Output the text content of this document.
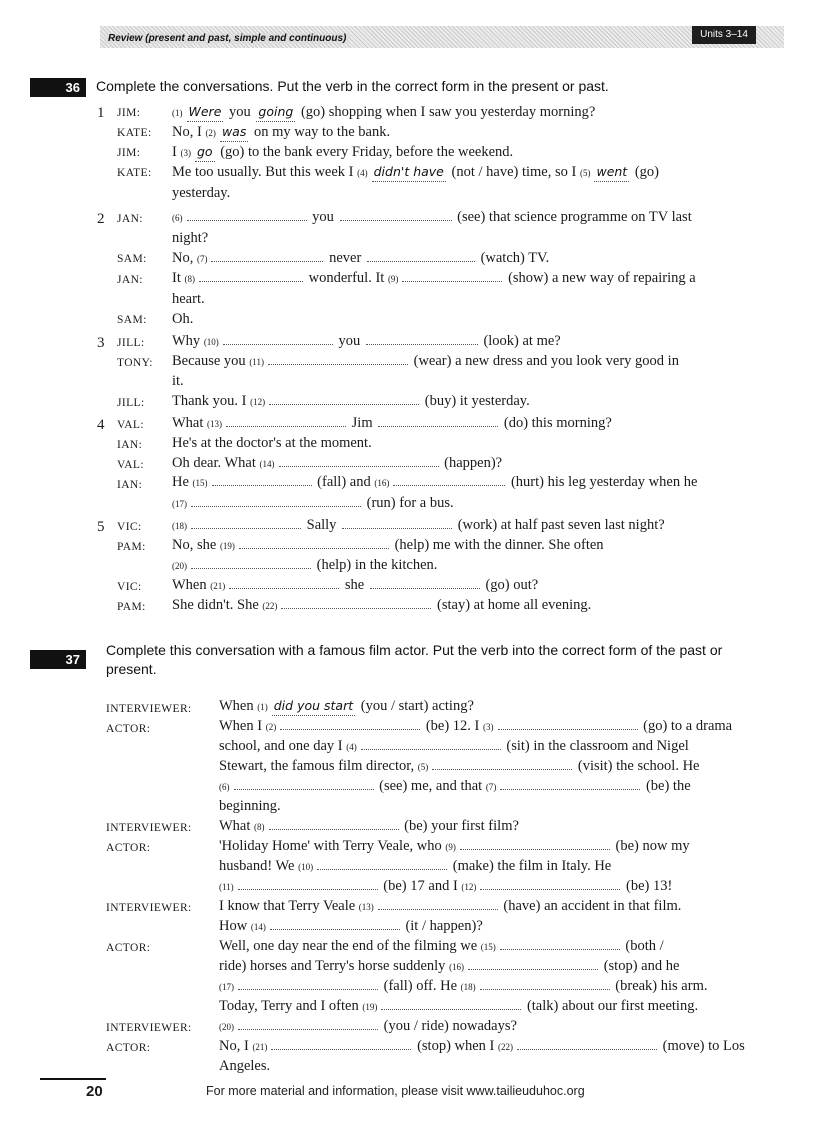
Review (present and past, simple and continuous)	Units 3–14
36	Complete the conversations. Put the verb in the correct form in the present or past.
1 JIM:	(1) Were you going (go) shopping when I saw you yesterday morning?
KATE: No, I (2) was on my way to the bank.
JIM: I (3) go (go) to the bank every Friday, before the weekend.
KATE: Me too usually. But this week I (4) didn't have (not / have) time, so I (5) went (go)
yesterday.
2 JAN:	(6)	you	(see) that science programme on TV last
night?
SAM: No, (7)	never	(watch) TV.
JAN: It (8)	wonderful. It (9)	(show) a new way of repairing a
heart.
SAM: Oh.
3 JILL: Why (10)	you	(look) at me?
TONY: Because you (11)	(wear) a new dress and you look very good in
it.
JILL: Thank you. I (12)	(buy) it yesterday.
4 VAL: What (13)	Jim	(do) this morning?
IAN: He's at the doctor's at the moment.
VAL: Oh dear. What (14)	(happen)?
IAN: He (15)	(fall) and (16)	(hurt) his leg yesterday when he
(17)	(run) for a bus.
5 VIC:	(18)	Sally	(work) at half past seven last night?
PAM: No, she (19)	(help) me with the dinner. She often
(20)	(help) in the kitchen.
VIC: When (21)	she	(go) out?
PAM: She didn't. She (22)	(stay) at home all evening.
37
Complete this conversation with a famous film actor. Put the verb into the correct form of the past or
present.
INTERVIEWER: When (1) did you start (you / start) acting?
ACTOR:	When I (2)	(be) 12. I (3)	(go) to a drama
school, and one day I (4)	(sit) in the classroom and Nigel
Stewart, the famous film director, (5)	(visit) the school. He
(6)	(see) me, and that (7)	(be) the
beginning.
INTERVIEWER: What (8)	(be) your first film?
ACTOR:	'Holiday Home' with Terry Veale, who (9)	(be) now my
husband! We (10)	(make) the film in Italy. He
(11)	(be) 17 and I (12)	(be) 13!
INTERVIEWER: I know that Terry Veale (13)	(have) an accident in that film.
How (14)	(it / happen)?
ACTOR:	Well, one day near the end of the filming we (15)	(both /
ride) horses and Terry's horse suddenly (16)	(stop) and he
(17)	(fall) off. He (18)	(break) his arm.
Today, Terry and I often (19)	(talk) about our first meeting.
INTERVIEWER:	(20)	(you / ride) nowadays?
ACTOR:	No, I (21)	(stop) when I (22)	(move) to Los
Angeles.
20	For more material and information, please visit www.tailieuduhoc.org
